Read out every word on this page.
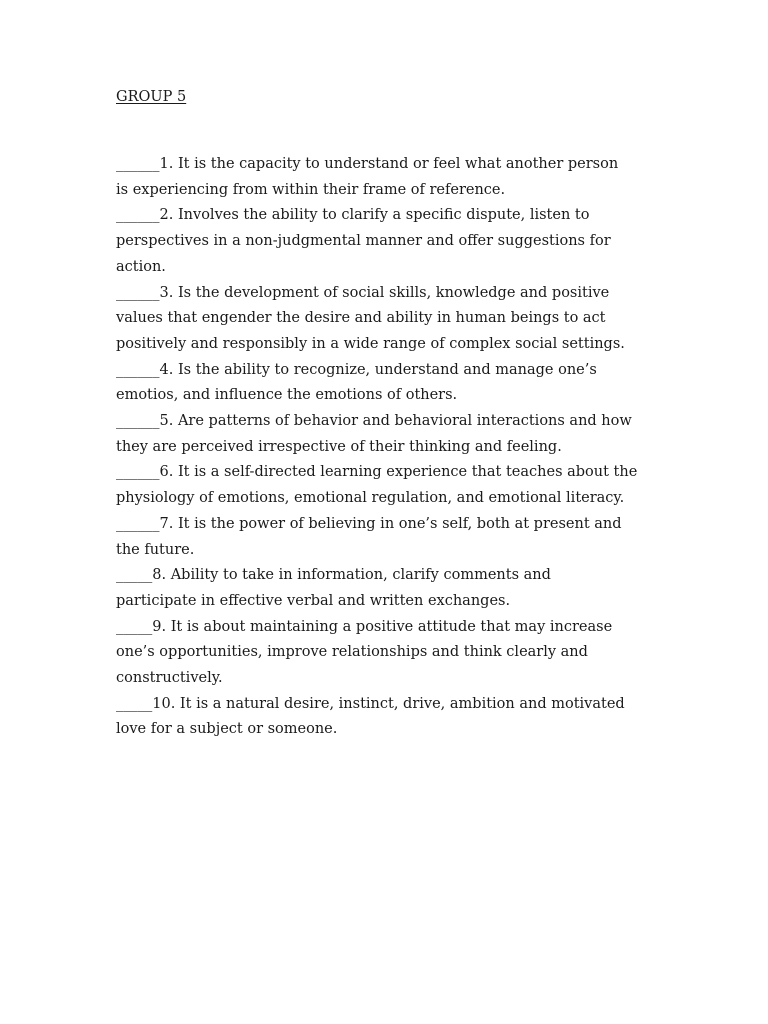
GROUP 5
______1. It is the capacity to understand or feel what another person
is experiencing from within their frame of reference.
______2. Involves the ability to clarify a specific dispute, listen to
perspectives in a non-judgmental manner and offer suggestions for
action.
______3. Is the development of social skills, knowledge and positive
values that engender the desire and ability in human beings to act
positively and responsibly in a wide range of complex social settings.
______4. Is the ability to recognize, understand and manage one’s
emotios, and influence the emotions of others.
______5. Are patterns of behavior and behavioral interactions and how
they are perceived irrespective of their thinking and feeling.
______6. It is a self-directed learning experience that teaches about the
physiology of emotions, emotional regulation, and emotional literacy.
______7. It is the power of believing in one’s self, both at present and
the future.
_____8. Ability to take in information, clarify comments and
participate in effective verbal and written exchanges.
_____9. It is about maintaining a positive attitude that may increase
one’s opportunities, improve relationships and think clearly and
constructively.
_____10. It is a natural desire, instinct, drive, ambition and motivated
love for a subject or someone.
